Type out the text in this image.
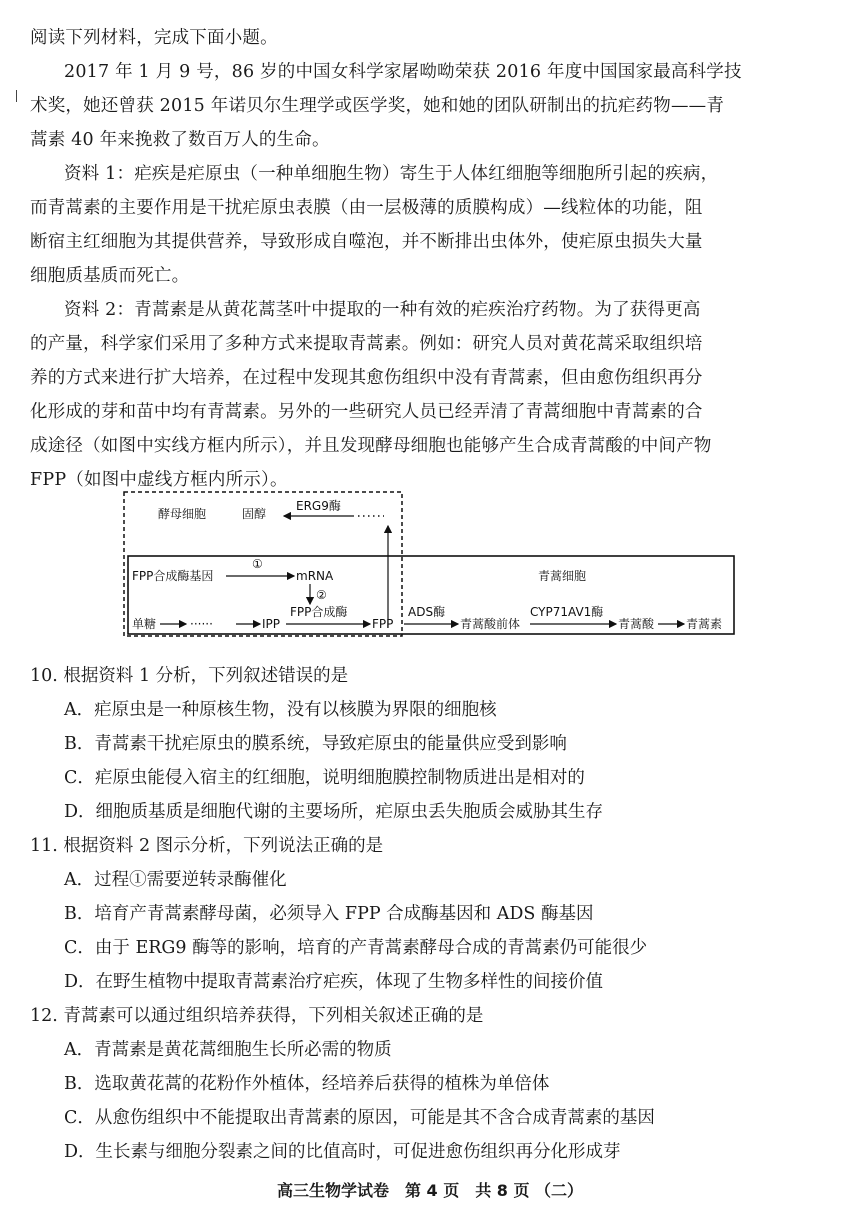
阅读下列材料，完成下面小题。
2017 年 1 月 9 号，86 岁的中国女科学家屠呦呦荣获 2016 年度中国国家最高科学技
术奖，她还曾获 2015 年诺贝尔生理学或医学奖，她和她的团队研制出的抗疟药物——青
蒿素 40 年来挽救了数百万人的生命。
资料 1：疟疾是疟原虫（一种单细胞生物）寄生于人体红细胞等细胞所引起的疾病，
而青蒿素的主要作用是干扰疟原虫表膜（由一层极薄的质膜构成）—线粒体的功能，阻
断宿主红细胞为其提供营养，导致形成自噬泡，并不断排出虫体外，使疟原虫损失大量
细胞质基质而死亡。
资料 2：青蒿素是从黄花蒿茎叶中提取的一种有效的疟疾治疗药物。为了获得更高
的产量，科学家们采用了多种方式来提取青蒿素。例如：研究人员对黄花蒿采取组织培
养的方式来进行扩大培养，在过程中发现其愈伤组织中没有青蒿素，但由愈伤组织再分
化形成的芽和苗中均有青蒿素。另外的一些研究人员已经弄清了青蒿细胞中青蒿素的合
成途径（如图中实线方框内所示），并且发现酵母细胞也能够产生合成青蒿酸的中间产物
FPP（如图中虚线方框内所示）。
酵母细胞	固醇
ERG9酶
FPP合成酶基因
①
mRNA
②
青蒿细胞
单糖	······	IPP
FPP合成酶
FPP
ADS酶
青蒿酸前体
CYP71AV1酶
青蒿酸	青蒿素
10. 根据资料 1 分析，下列叙述错误的是
A．疟原虫是一种原核生物，没有以核膜为界限的细胞核
B．青蒿素干扰疟原虫的膜系统，导致疟原虫的能量供应受到影响
C．疟原虫能侵入宿主的红细胞，说明细胞膜控制物质进出是相对的
D．细胞质基质是细胞代谢的主要场所，疟原虫丢失胞质会威胁其生存
11. 根据资料 2 图示分析，下列说法正确的是
A．过程①需要逆转录酶催化
B．培育产青蒿素酵母菌，必须导入 FPP 合成酶基因和 ADS 酶基因
C．由于 ERG9 酶等的影响，培育的产青蒿素酵母合成的青蒿素仍可能很少
D．在野生植物中提取青蒿素治疗疟疾，体现了生物多样性的间接价值
12. 青蒿素可以通过组织培养获得，下列相关叙述正确的是
A．青蒿素是黄花蒿细胞生长所必需的物质
B．选取黄花蒿的花粉作外植体，经培养后获得的植株为单倍体
C．从愈伤组织中不能提取出青蒿素的原因，可能是其不含合成青蒿素的基因
D．生长素与细胞分裂素之间的比值高时，可促进愈伤组织再分化形成芽
高三生物学试卷　第 4 页　共 8 页 （二）
